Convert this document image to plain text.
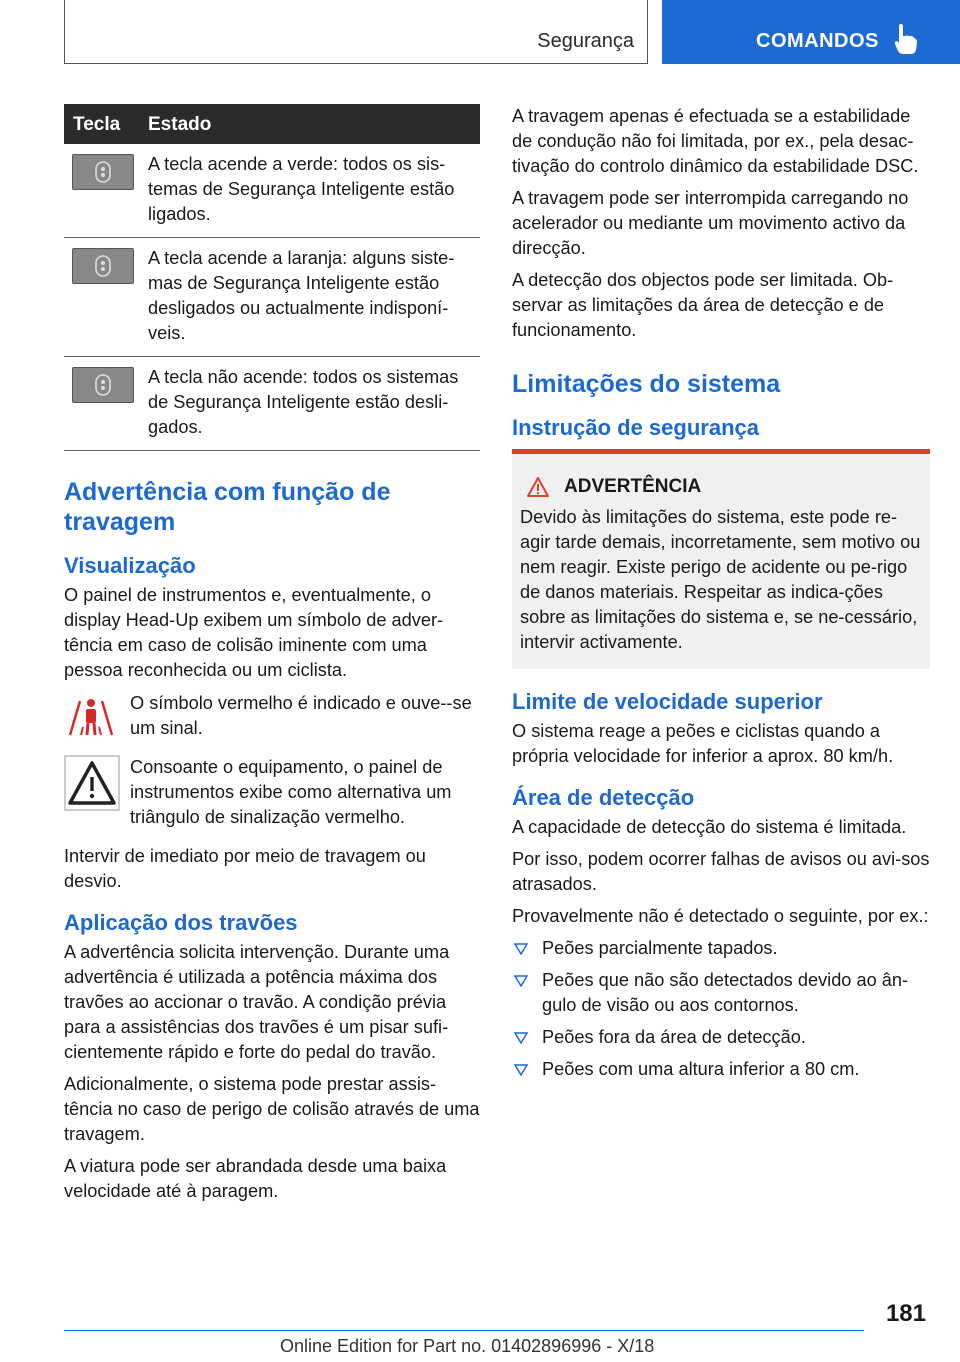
Segurança	COMANDOS
Tecla	Estado
A tecla acende a verde: todos os sis-temas de Segurança Inteligente estão ligados.
A tecla acende a laranja: alguns siste-mas de Segurança Inteligente estão desligados ou actualmente indisponí-veis.
A tecla não acende: todos os sistemas de Segurança Inteligente estão desli-gados.
Advertência com função de travagem
Visualização

O painel de instrumentos e, eventualmente, o display Head-Up exibem um símbolo de adver-tência em caso de colisão iminente com uma pessoa reconhecida ou um ciclista.

O símbolo vermelho é indicado e ouve--se um sinal.
Consoante o equipamento, o painel de instrumentos exibe como alternativa um triângulo de sinalização vermelho.

Intervir de imediato por meio de travagem ou desvio.

Aplicação dos travões

A advertência solicita intervenção. Durante uma advertência é utilizada a potência máxima dos travões ao accionar o travão. A condição prévia para a assistências dos travões é um pisar sufi-cientemente rápido e forte do pedal do travão.

Adicionalmente, o sistema pode prestar assis-tência no caso de perigo de colisão através de uma travagem.

A viatura pode ser abrandada desde uma baixa velocidade até à paragem.

A travagem apenas é efectuada se a estabilidade de condução não foi limitada, por ex., pela desac-tivação do controlo dinâmico da estabilidade DSC.

A travagem pode ser interrompida carregando no acelerador ou mediante um movimento activo da direcção.

A detecção dos objectos pode ser limitada. Ob-servar as limitações da área de detecção e de funcionamento.

Limitações do sistema
Instrução de segurança
ADVERTÊNCIA
Devido às limitações do sistema, este pode re-agir tarde demais, incorretamente, sem motivo ou nem reagir. Existe perigo de acidente ou pe-rigo de danos materiais. Respeitar as indica-ções sobre as limitações do sistema e, se ne-cessário, intervir activamente.
Limite de velocidade superior

O sistema reage a peões e ciclistas quando a própria velocidade for inferior a aprox. 80 km/h.

Área de detecção

A capacidade de detecção do sistema é limitada.

Por isso, podem ocorrer falhas de avisos ou avi-sos atrasados.

Provavelmente não é detectado o seguinte, por ex.:

Peões parcialmente tapados.
Peões que não são detectados devido ao ân-gulo de visão ou aos contornos.
Peões fora da área de detecção.
Peões com uma altura inferior a 80 cm.
181
Online Edition for Part no. 01402896996 - X/18
